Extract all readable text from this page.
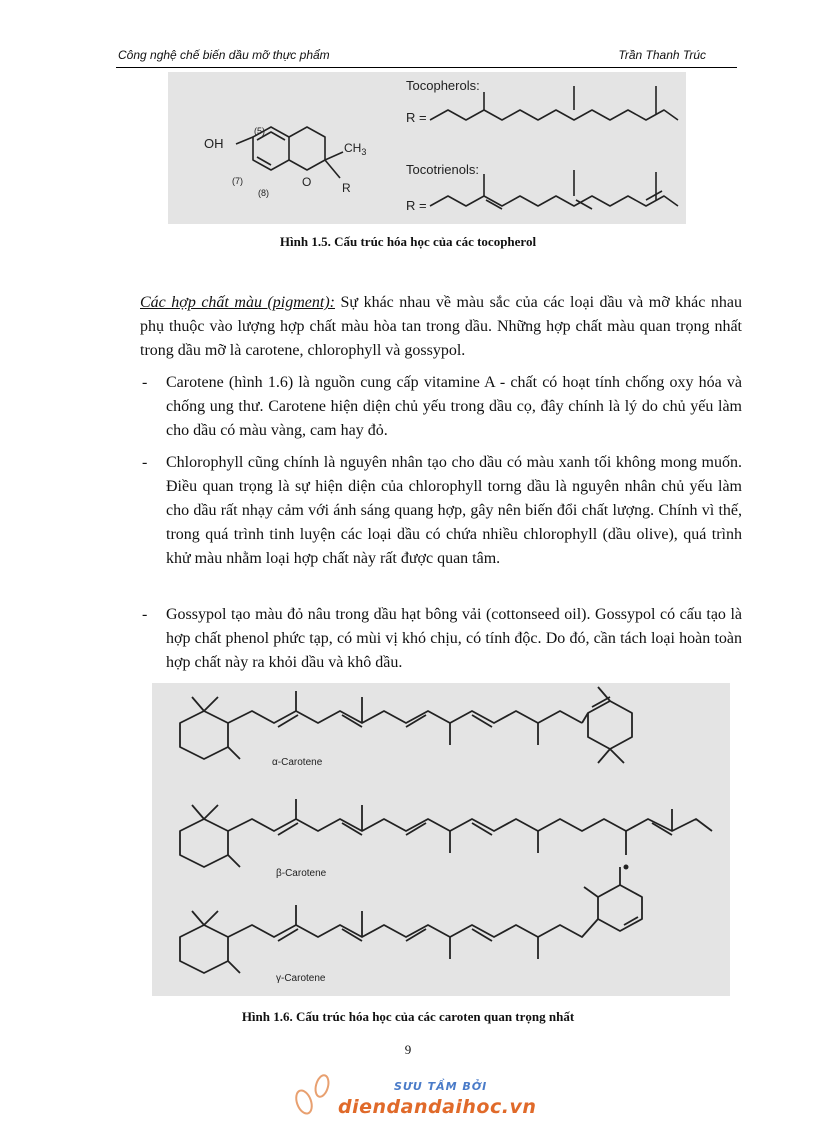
Công nghệ chế biến dầu mỡ thực phẩm	Trần Thanh Trúc
Tocopherols:
R =
Tocotrienols:
R =
OH	$CH_3$
O	R
(5)
(7)
(8)
Hình 1.5. Cấu trúc hóa học của các tocopherol
Các hợp chất màu (pigment): Sự khác nhau về màu sắc của các loại dầu và mỡ khác nhau phụ thuộc vào lượng hợp chất màu hòa tan trong dầu. Những hợp chất màu quan trọng nhất trong dầu mỡ là carotene, chlorophyll và gossypol.
- Carotene (hình 1.6) là nguồn cung cấp vitamine A - chất có hoạt tính chống oxy hóa và chống ung thư. Carotene hiện diện chủ yếu trong dầu cọ, đây chính là lý do chủ yếu làm cho dầu có màu vàng, cam hay đỏ.
- Chlorophyll cũng chính là nguyên nhân tạo cho dầu có màu xanh tối không mong muốn. Điều quan trọng là sự hiện diện của chlorophyll torng dầu là nguyên nhân chủ yếu làm cho dầu rất nhạy cảm với ánh sáng quang hợp, gây nên biến đổi chất lượng. Chính vì thế, trong quá trình tinh luyện các loại dầu có chứa nhiều chlorophyll (dầu olive), quá trình khử màu nhằm loại hợp chất này rất được quan tâm.
- Gossypol tạo màu đỏ nâu trong dầu hạt bông vải (cottonseed oil). Gossypol có cấu tạo là hợp chất phenol phức tạp, có mùi vị khó chịu, có tính độc. Do đó, cần tách loại hoàn toàn hợp chất này ra khỏi dầu và khô dầu.
α-Carotene
β-Carotene
γ-Carotene
Hình 1.6. Cấu trúc hóa học của các caroten quan trọng nhất
9
SƯU TẦM BỞI
diendandaihoc.vn
